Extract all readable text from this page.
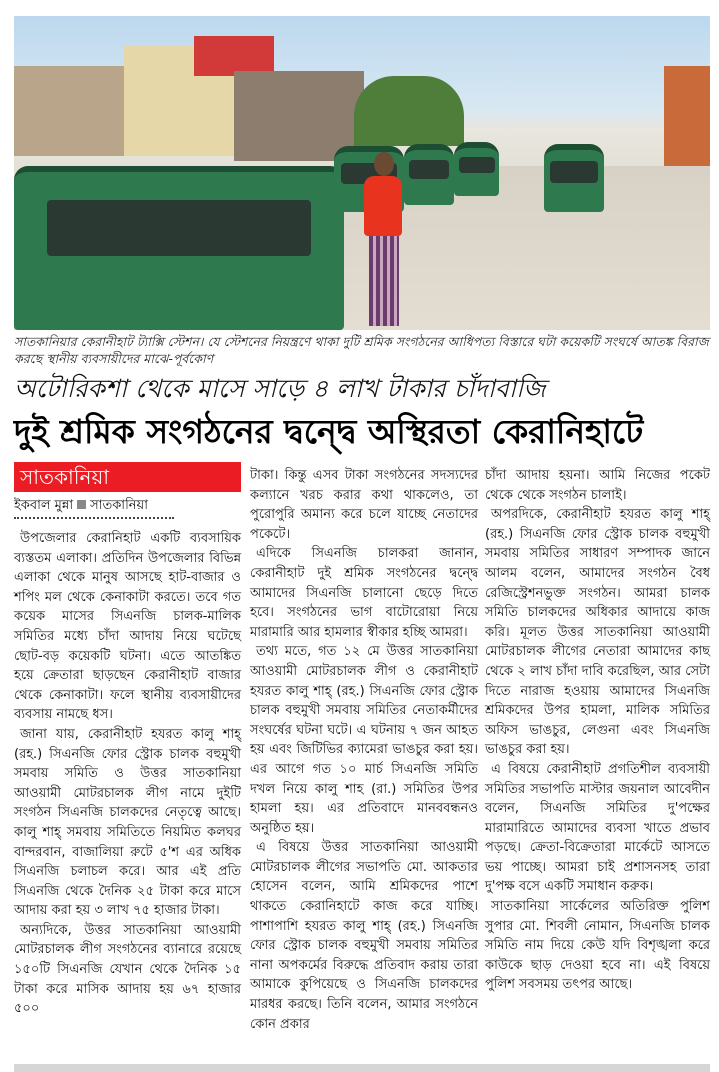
সাতকানিয়ার কেরানীহাট ট্যাক্সি স্টেশন। যে স্টেশনের নিয়ন্ত্রণে থাকা দুটি শ্রমিক সংগঠনের আধিপত্য বিস্তারে ঘটা কয়েকটি সংঘর্ষে আতঙ্ক বিরাজ করছে স্থানীয় ব্যবসায়ীদের মাঝে-পূর্বকোণ
অটোরিকশা থেকে মাসে সাড়ে ৪ লাখ টাকার চাঁদাবাজি
দুই শ্রমিক সংগঠনের দ্বন্দ্বে অস্থিরতা কেরানিহাটে
সাতকানিয়া
ইকবাল মুন্না সাতকানিয়া

উপজেলার কেরানিহাট একটি ব্যবসায়িক ব্যস্ততম এলাকা। প্রতিদিন উপজেলার বিভিন্ন এলাকা থেকে মানুষ আসছে হাট-বাজার ও শপিং মল থেকে কেনাকাটা করতে। তবে গত কয়েক মাসের সিএনজি চালক-মালিক সমিতির মধ্যে চাঁদা আদায় নিয়ে ঘটেছে ছোট-বড় কয়েকটি ঘটনা। এতে আতঙ্কিত হয়ে ক্রেতারা ছাড়ছেন কেরানীহাট বাজার থেকে কেনাকাটা। ফলে স্থানীয় ব্যবসায়ীদের ব্যবসায় নামছে ধস।

জানা যায়, কেরানীহাট হযরত কালু শাহ্ (রহ.) সিএনজি ফোর স্ট্রোক চালক বহুমুখী সমবায় সমিতি ও উত্তর সাতকানিয়া আওয়ামী মোটরচালক লীগ নামে দুইটি সংগঠন সিএনজি চালকদের নেতৃত্বে আছে। কালু শাহ্ সমবায় সমিতিতে নিয়মিত কলঘর বান্দরবান, বাজালিয়া রুটে ৫'শ এর অধিক সিএনজি চলাচল করে। আর এই প্রতি সিএনজি থেকে দৈনিক ২৫ টাকা করে মাসে আদায় করা হয় ৩ লাখ ৭৫ হাজার টাকা।

অন্যদিকে, উত্তর সাতকানিয়া আওয়ামী মোটরচালক লীগ সংগঠনের ব্যানারে রয়েছে ১৫০টি সিএনজি যেখান থেকে দৈনিক ১৫ টাকা করে মাসিক আদায় হয় ৬৭ হাজার ৫০০

টাকা। কিন্তু এসব টাকা সংগঠনের সদস্যদের কল্যানে খরচ করার কথা থাকলেও, তা পুরোপুরি অমান্য করে চলে যাচ্ছে নেতাদের পকেটে।

এদিকে সিএনজি চালকরা জানান, কেরানীহাট দুই শ্রমিক সংগঠনের দ্বন্দ্বে আমাদের সিএনজি চালানো ছেড়ে দিতে হবে। সংগঠনের ভাগ বাটোরোয়া নিয়ে মারামারি আর হামলার স্বীকার হচ্ছি আমরা।

তথ্য মতে, গত ১২ মে উত্তর সাতকানিয়া আওয়ামী মোটরচালক লীগ ও কেরানীহাট হযরত কালু শাহ্ (রহ.) সিএনজি ফোর স্ট্রোক চালক বহুমুখী সমবায় সমিতির নেতাকর্মীদের সংঘর্ষের ঘটনা ঘটে। এ ঘটনায় ৭ জন আহত হয় এবং জিটিভির ক্যামেরা ভাঙচুর করা হয়। এর আগে গত ১০ মার্চ সিএনজি সমিতি দখল নিয়ে কালু শাহ (রা.) সমিতির উপর হামলা হয়। এর প্রতিবাদে মানববন্ধনও অনুষ্ঠিত হয়।

এ বিষয়ে উত্তর সাতকানিয়া আওয়ামী মোটরচালক লীগের সভাপতি মো. আকতার হোসেন বলেন, আমি শ্রমিকদের পাশে থাকতে কেরানিহাটে কাজ করে যাচ্ছি। পাশাপাশি হযরত কালু শাহ্ (রহ.) সিএনজি ফোর স্ট্রোক চালক বহুমুখী সমবায় সমিতির নানা অপকর্মের বিরুদ্ধে প্রতিবাদ করায় তারা আমাকে কুপিয়েছে ও সিএনজি চালকদের মারধর করছে। তিনি বলেন, আমার সংগঠনে কোন প্রকার

চাঁদা আদায় হয়না। আমি নিজের পকেট থেকে থেকে সংগঠন চালাই।

অপরদিকে, কেরানীহাট হযরত কালু শাহ্ (রহ.) সিএনজি ফোর স্ট্রোক চালক বহুমুখী সমবায় সমিতির সাধারণ সম্পাদক জানে আলম বলেন, আমাদের সংগঠন বৈধ রেজিস্ট্রেশনভুক্ত সংগঠন। আমরা চালক সমিতি চালকদের অধিকার আদায়ে কাজ করি। মূলত উত্তর সাতকানিয়া আওয়ামী মোটরচালক লীগের নেতারা আমাদের কাছ থেকে ২ লাখ চাঁদা দাবি করেছিল, আর সেটা দিতে নারাজ হওয়ায় আমাদের সিএনজি শ্রমিকদের উপর হামলা, মালিক সমিতির অফিস ভাঙচুর, লেগুনা এবং সিএনজি ভাঙচুর করা হয়।

এ বিষয়ে কেরানীহাট প্রগতিশীল ব্যবসায়ী সমিতির সভাপতি মাস্টার জয়নাল আবেদীন বলেন, সিএনজি সমিতির দু'পক্ষের মারামারিতে আমাদের ব্যবসা খাতে প্রভাব পড়ছে। ক্রেতা-বিক্রেতারা মার্কেটে আসতে ভয় পাচ্ছে। আমরা চাই প্রশাসনসহ তারা দু'পক্ষ বসে একটি সমাধান করুক।

সাতকানিয়া সার্কেলের অতিরিক্ত পুলিশ সুপার মো. শিবলী নোমান, সিএনজি চালক সমিতি নাম দিয়ে কেউ যদি বিশৃঙ্খলা করে কাউকে ছাড় দেওয়া হবে না। এই বিষয়ে পুলিশ সবসময় তৎপর আছে।
